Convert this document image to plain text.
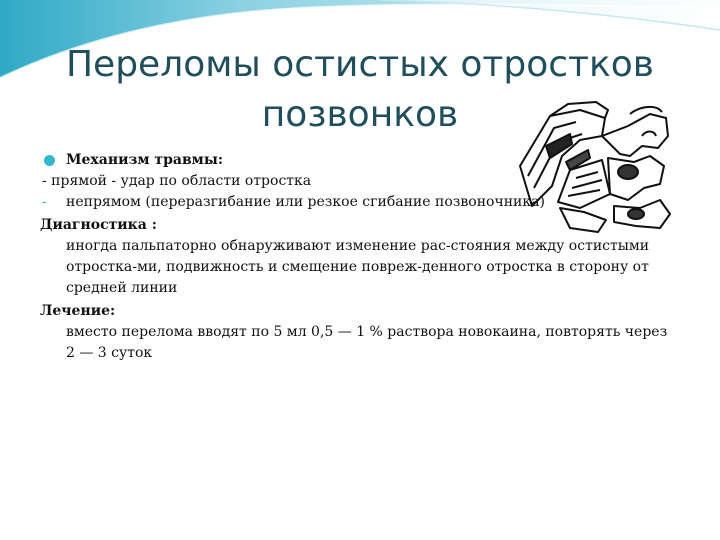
Переломы остистых отростков
позвонков

Механизм травмы:

- прямой - удар по области отростка

- непрямом (переразгибание или резкое сгибание позвоночника)

Диагностика :

иногда пальпаторно обнаруживают изменение рас-стояния между остистыми отростка-ми, подвижность и смещение повреж-денного отростка в сторону от средней линии

Лечение:

вместо перелома вводят по 5 мл 0,5 — 1 % раствора новокаина, повторять через 2 — 3 суток
